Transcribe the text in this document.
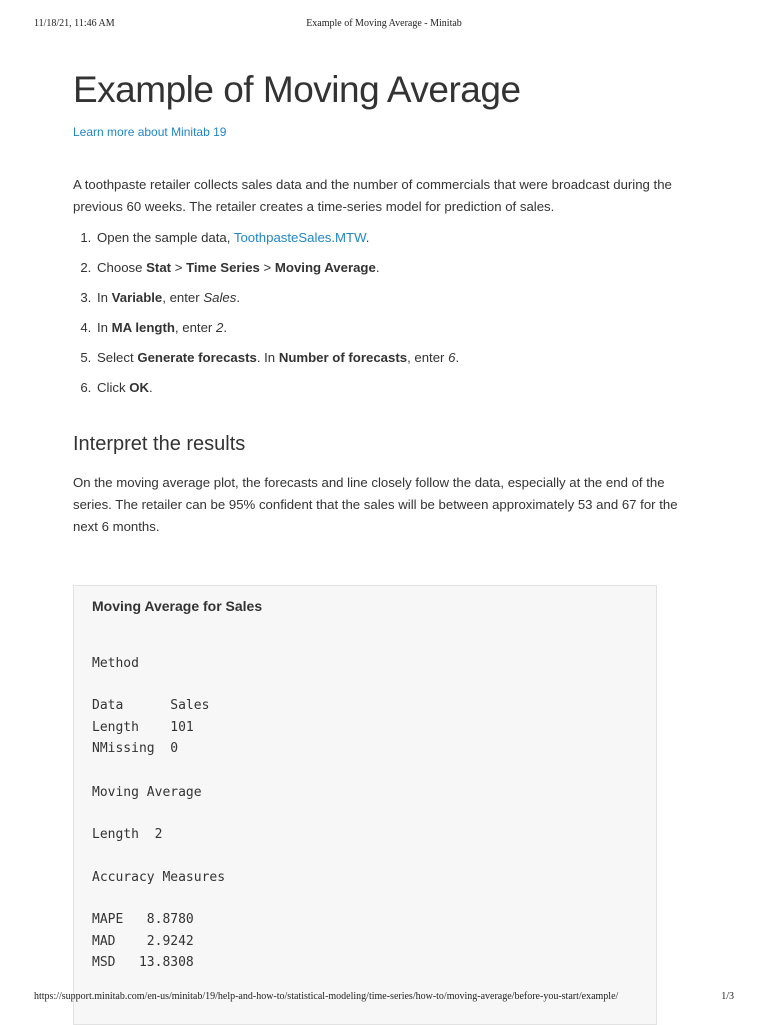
11/18/21, 11:46 AM	Example of Moving Average - Minitab
Example of Moving Average
Learn more about Minitab 19

A toothpaste retailer collects sales data and the number of commercials that were broadcast during the previous 60 weeks. The retailer creates a time-series model for prediction of sales.

1. Open the sample data, ToothpasteSales.MTW.
2. Choose Stat > Time Series > Moving Average.
3. In Variable, enter Sales.
4. In MA length, enter 2.
5. Select Generate forecasts. In Number of forecasts, enter 6.
6. Click OK.
Interpret the results

On the moving average plot, the forecasts and line closely follow the data, especially at the end of the series. The retailer can be 95% confident that the sales will be between approximately 53 and 67 for the next 6 months.

Moving Average for Sales
Method
Data      Sales
Length    101
NMissing  0
Moving Average
Length  2
Accuracy Measures
MAPE   8.8780
MAD    2.9242
MSD   13.8308
https://support.minitab.com/en-us/minitab/19/help-and-how-to/statistical-modeling/time-series/how-to/moving-average/before-you-start/example/	1/3
